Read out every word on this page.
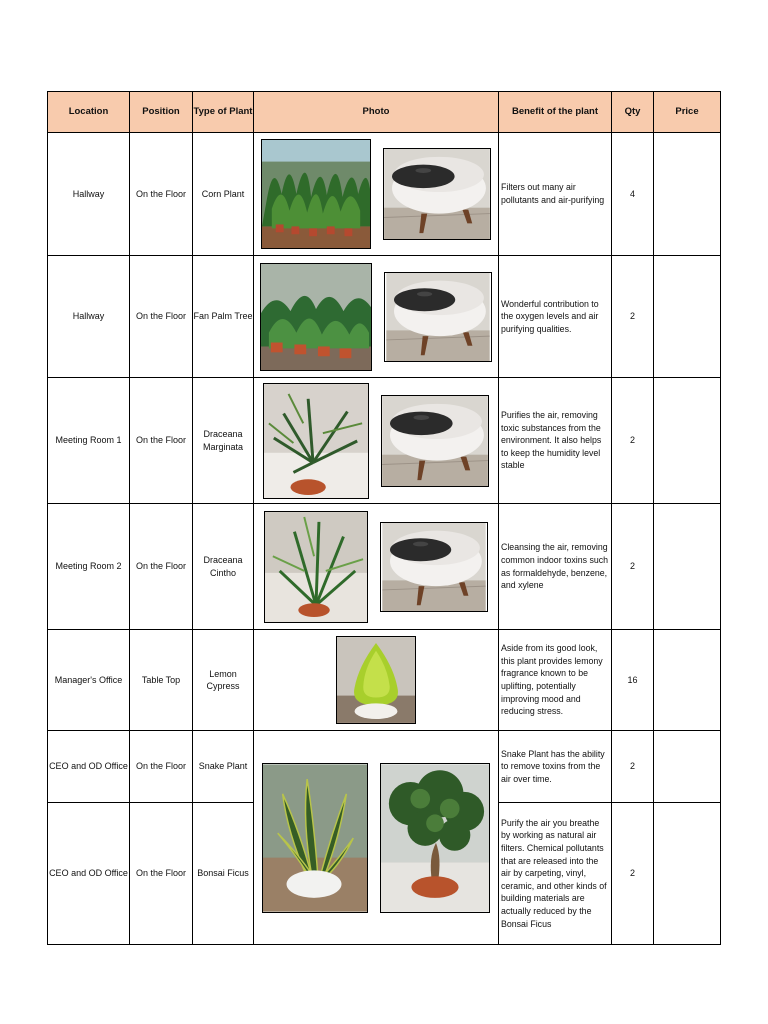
Location	Position	Type of Plant	Photo	Benefit of the plant	Qty	Price
Hallway	On the Floor	Corn Plant		Filters out many air pollutants and air-purifying	4	
Hallway	On the Floor	Fan Palm Tree		Wonderful contribution to the oxygen levels and air purifying qualities.	2	
Meeting Room 1	On the Floor	Draceana Marginata		Purifies the air, removing toxic substances from the environment. It also helps to keep the humidity level stable	2	
Meeting Room 2	On the Floor	Draceana Cintho		Cleansing the air, removing common indoor toxins such as formaldehyde, benzene, and xylene	2	
Manager's Office	Table Top	Lemon Cypress		Aside from its good look, this plant provides lemony fragrance known to be uplifting, potentially improving mood and reducing stress.	16	
CEO and OD Office	On the Floor	Snake Plant		Snake Plant has the ability to remove toxins from the air over time.	2	
CEO and OD Office	On the Floor	Bonsai Ficus		Purify the air you breathe by working as natural air filters. Chemical pollutants that are released into the air by carpeting, vinyl, ceramic, and other kinds of building materials are actually reduced by the Bonsai Ficus	2	
